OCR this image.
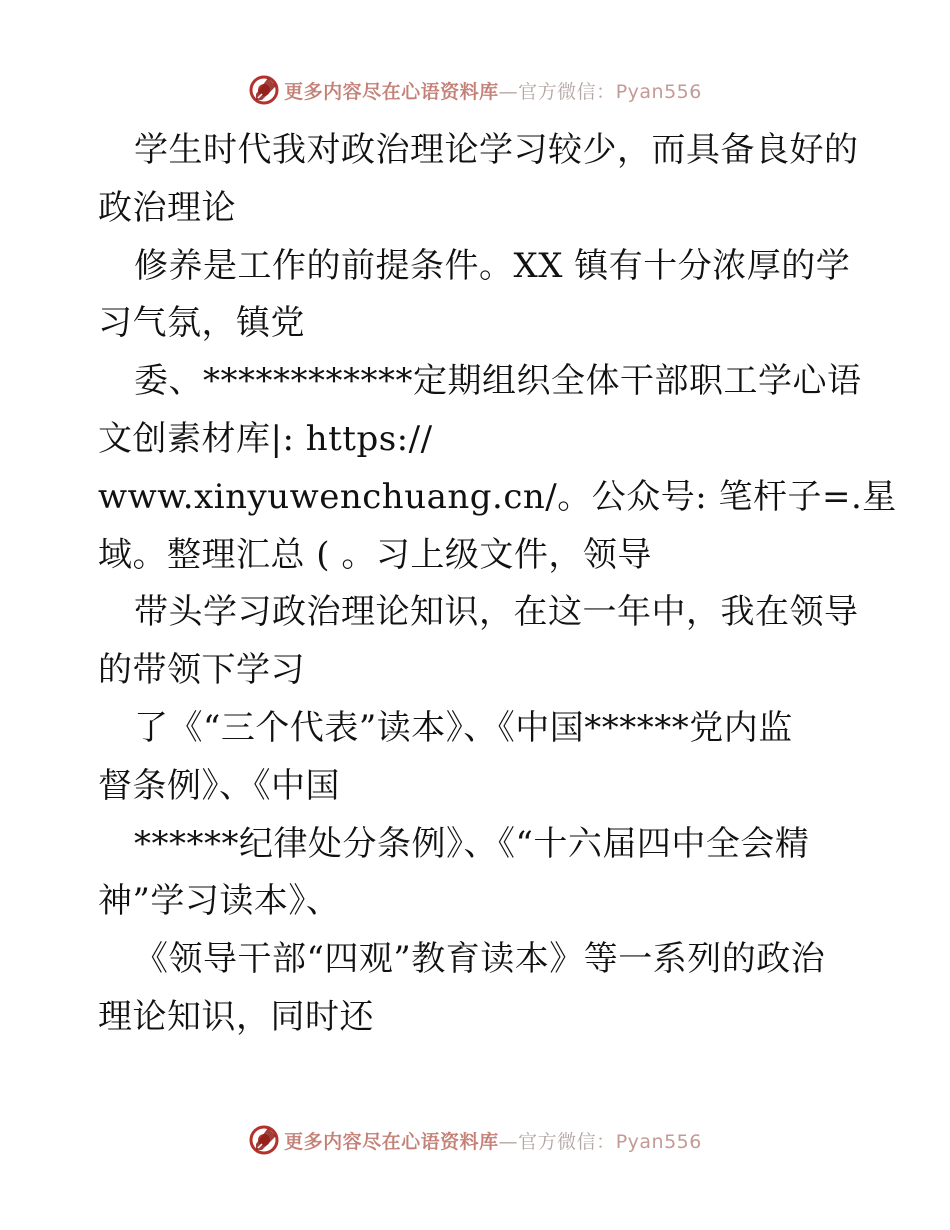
更多内容尽在心语资料库—官方微信：Pyan556
学生时代我对政治理论学习较少，而具备良好的
政治理论
修养是工作的前提条件。XX 镇有十分浓厚的学
习气氛，镇党
委、************定期组织全体干部职工学心语
文创素材库|: https://
www.xinyuwenchuang.cn/。公众号: 笔杆子=.星
域。整理汇总 ( 。习上级文件，领导
带头学习政治理论知识，在这一年中，我在领导
的带领下学习
了《“三个代表”读本》、《中国******党内监
督条例》、《中国
******纪律处分条例》、《“十六届四中全会精
神”学习读本》、
《领导干部“四观”教育读本》等一系列的政治
理论知识，同时还
更多内容尽在心语资料库—官方微信：Pyan556
